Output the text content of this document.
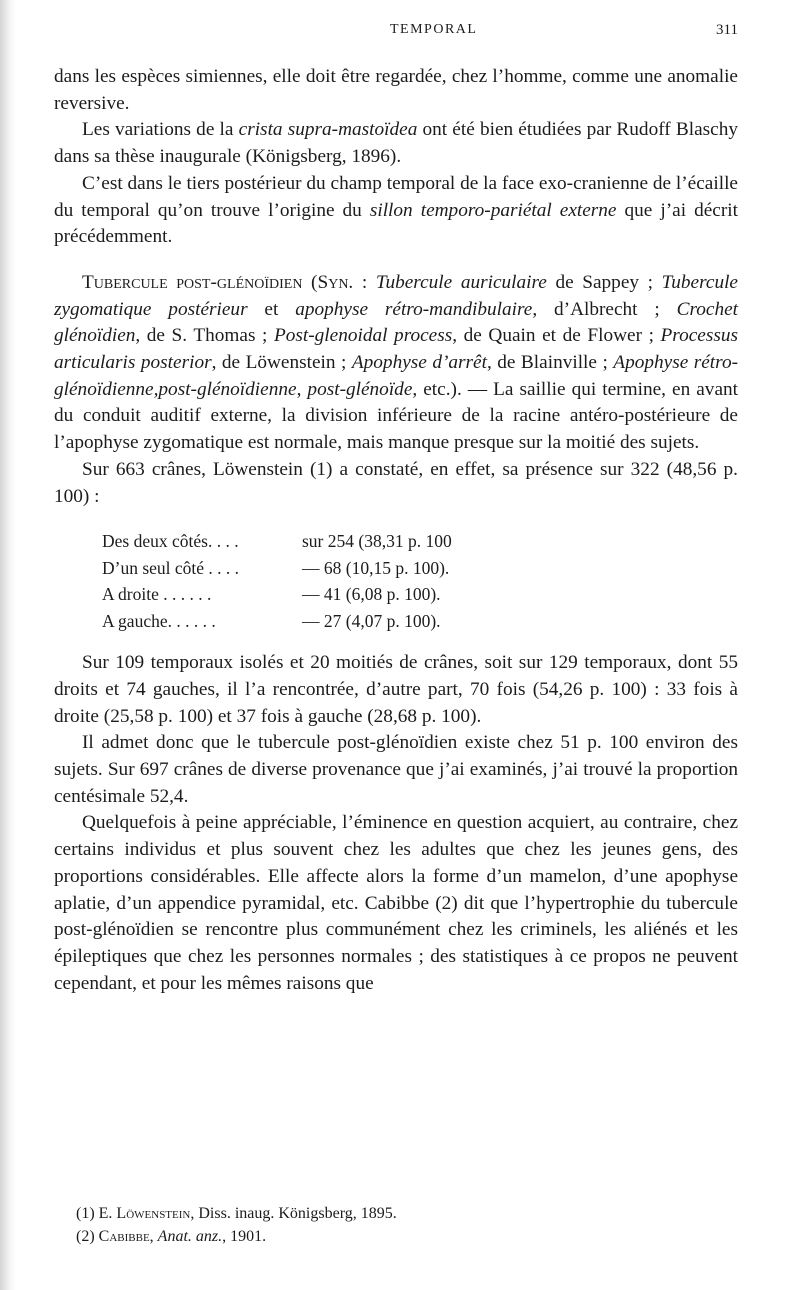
TEMPORAL	311

dans les espèces simiennes, elle doit être regardée, chez l’homme, comme une anomalie reversive.

Les variations de la crista supra-mastoïdea ont été bien étudiées par Rudoff Blaschy dans sa thèse inaugurale (Königsberg, 1896).

C’est dans le tiers postérieur du champ temporal de la face exo-cranienne de l’écaille du temporal qu’on trouve l’origine du sillon temporo-pariétal externe que j’ai décrit précédemment.

Tubercule post-glénoïdien (Syn. : Tubercule auriculaire de Sappey ; Tubercule zygomatique postérieur et apophyse rétro-mandibulaire, d’Albrecht ; Crochet glénoïdien, de S. Thomas ; Post-glenoidal process, de Quain et de Flower ; Processus articularis posterior, de Löwenstein ; Apophyse d’arrêt, de Blainville ; Apophyse rétro-glénoïdienne,post-glénoïdienne, post-glénoïde, etc.). — La saillie qui termine, en avant du conduit auditif externe, la division inférieure de la racine antéro-postérieure de l’apophyse zygomatique est normale, mais manque presque sur la moitié des sujets.

Sur 663 crânes, Löwenstein (1) a constaté, en effet, sa présence sur 322 (48,56 p. 100) :

Des deux côtés. . . .	sur 254 (38,31 p. 100
D’un seul côté . . . .	— 68 (10,15 p. 100).
A droite . . . . . .	— 41 (6,08 p. 100).
A gauche. . . . . .	— 27 (4,07 p. 100).

Sur 109 temporaux isolés et 20 moitiés de crânes, soit sur 129 temporaux, dont 55 droits et 74 gauches, il l’a rencontrée, d’autre part, 70 fois (54,26 p. 100) : 33 fois à droite (25,58 p. 100) et 37 fois à gauche (28,68 p. 100).

Il admet donc que le tubercule post-glénoïdien existe chez 51 p. 100 environ des sujets. Sur 697 crânes de diverse provenance que j’ai examinés, j’ai trouvé la proportion centésimale 52,4.

Quelquefois à peine appréciable, l’éminence en question acquiert, au contraire, chez certains individus et plus souvent chez les adultes que chez les jeunes gens, des proportions considérables. Elle affecte alors la forme d’un mamelon, d’une apophyse aplatie, d’un appendice pyramidal, etc. Cabibbe (2) dit que l’hypertrophie du tubercule post-glénoïdien se rencontre plus communément chez les criminels, les aliénés et les épileptiques que chez les personnes normales ; des statistiques à ce propos ne peuvent cependant, et pour les mêmes raisons que

(1) E. Löwenstein, Diss. inaug. Königsberg, 1895.
(2) Cabibbe, Anat. anz., 1901.
